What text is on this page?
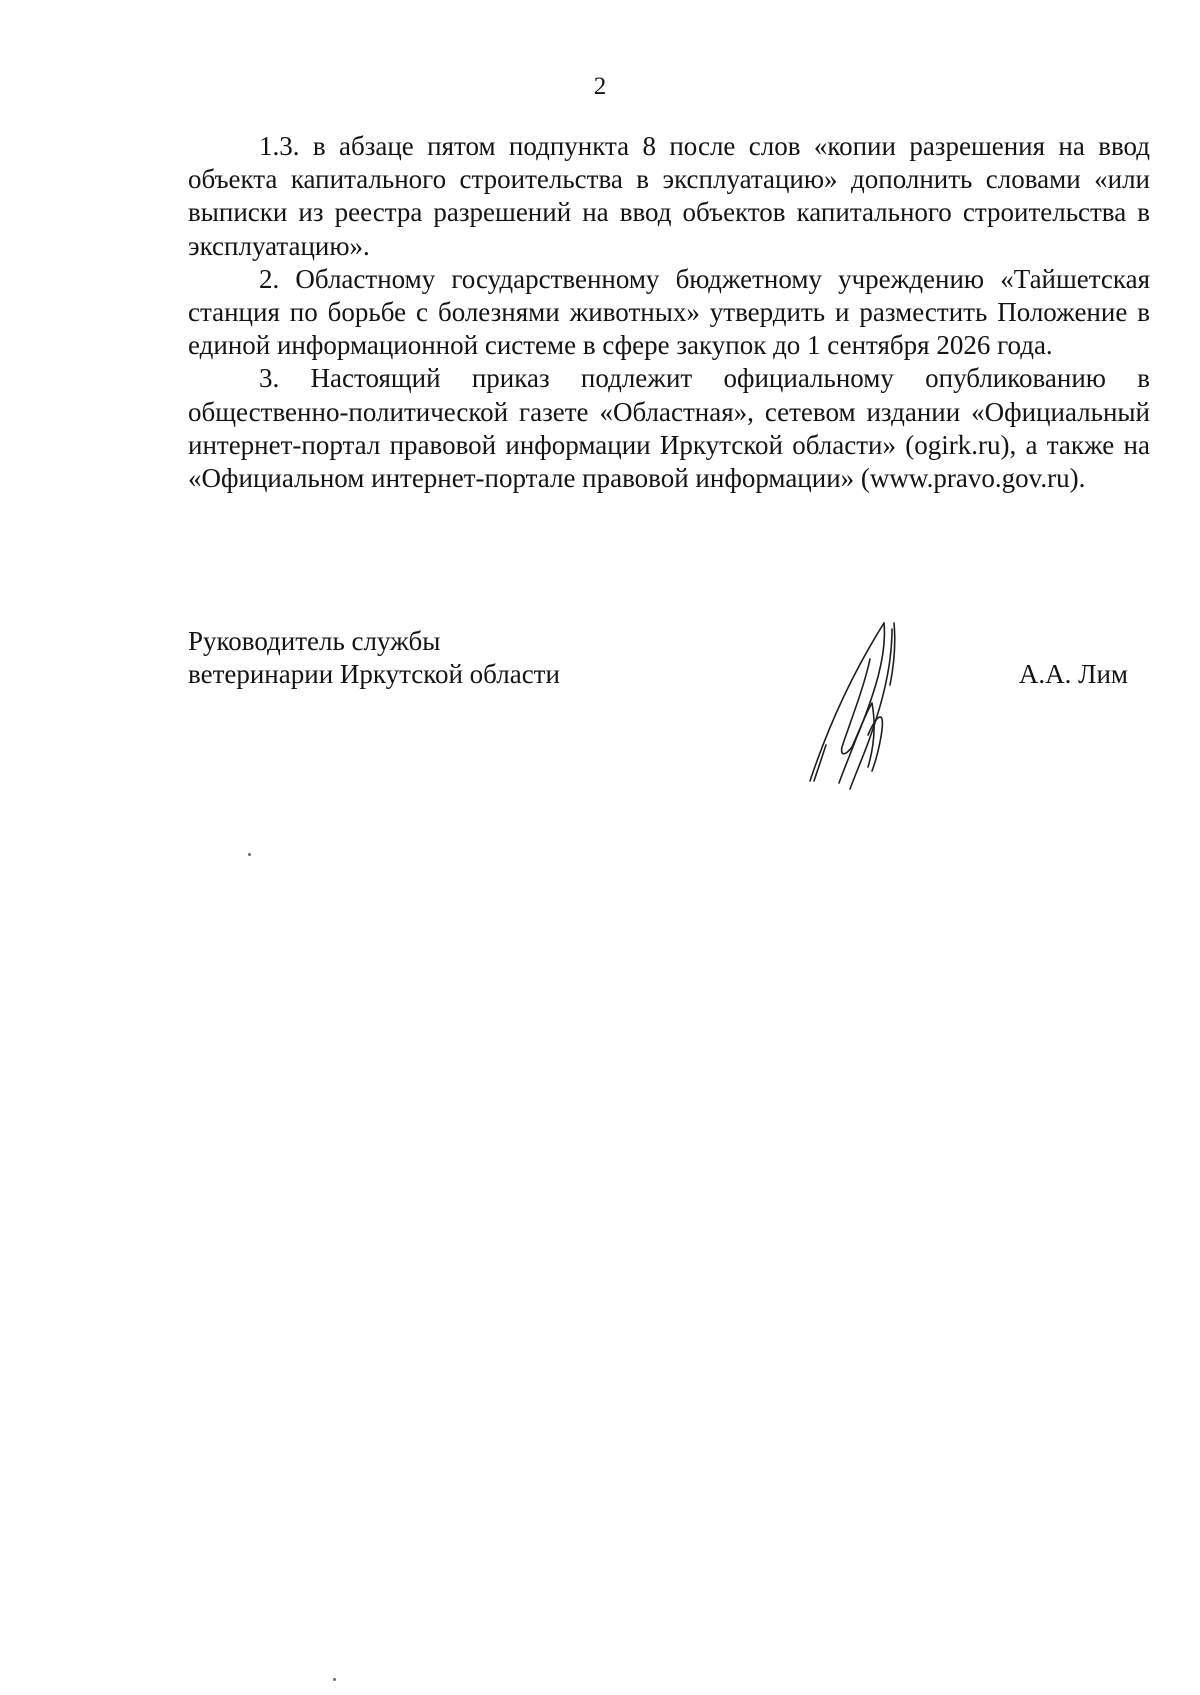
2

1.3. в абзаце пятом подпункта 8 после слов «копии разрешения на ввод объекта капитального строительства в эксплуатацию» дополнить словами «или выписки из реестра разрешений на ввод объектов капитального строительства в эксплуатацию».

2. Областному государственному бюджетному учреждению «Тайшетская станция по борьбе с болезнями животных» утвердить и разместить Положение в единой информационной системе в сфере закупок до 1 сентября 2026 года.

3. Настоящий приказ подлежит официальному опубликованию в общественно-политической газете «Областная», сетевом издании «Официальный интернет-портал правовой информации Иркутской области» (ogirk.ru), а также на «Официальном интернет-портале правовой информации» (www.pravo.gov.ru).

Руководитель службы
ветеринарии Иркутской области	А.А. Лим
